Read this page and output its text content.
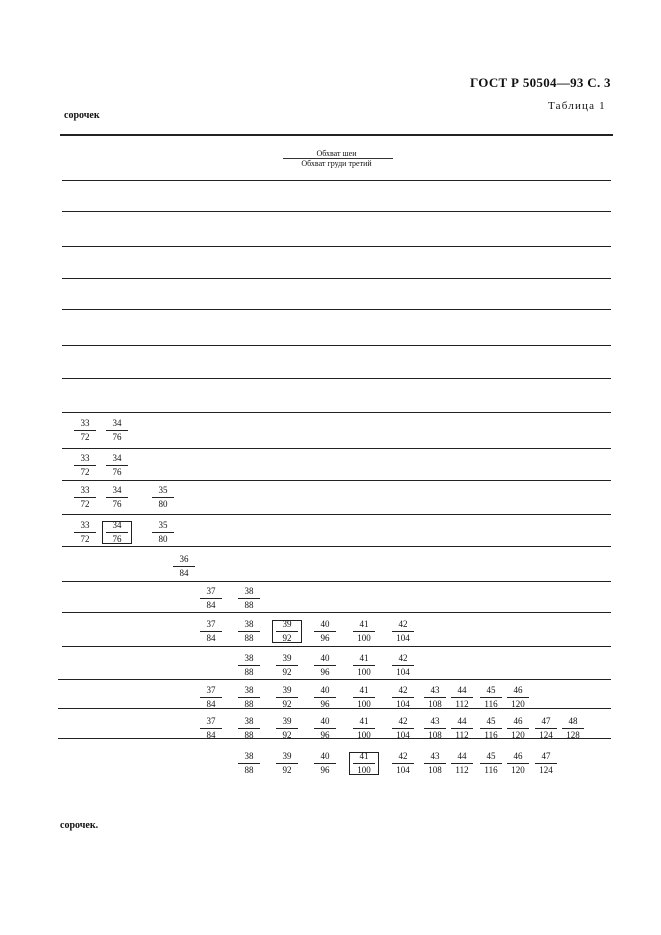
ГОСТ Р 50504—93 С. 3
Таблица 1
сорочек
Обхват шеи
Обхват груди третий
33
72
34
76
33
72
34
76
33
72
34
76
35
80
33
72
34
76
35
80
36
84
37
84
38
88
37
84
38
88
39
92
40
96
41
100
42
104
38
88
39
92
40
96
41
100
42
104
37
84
38
88
39
92
40
96
41
100
42
104
43
108
44
112
45
116
46
120
37
84
38
88
39
92
40
96
41
100
42
104
43
108
44
112
45
116
46
120
47
124
48
128
38
88
39
92
40
96
41
100
42
104
43
108
44
112
45
116
46
120
47
124
сорочек.
